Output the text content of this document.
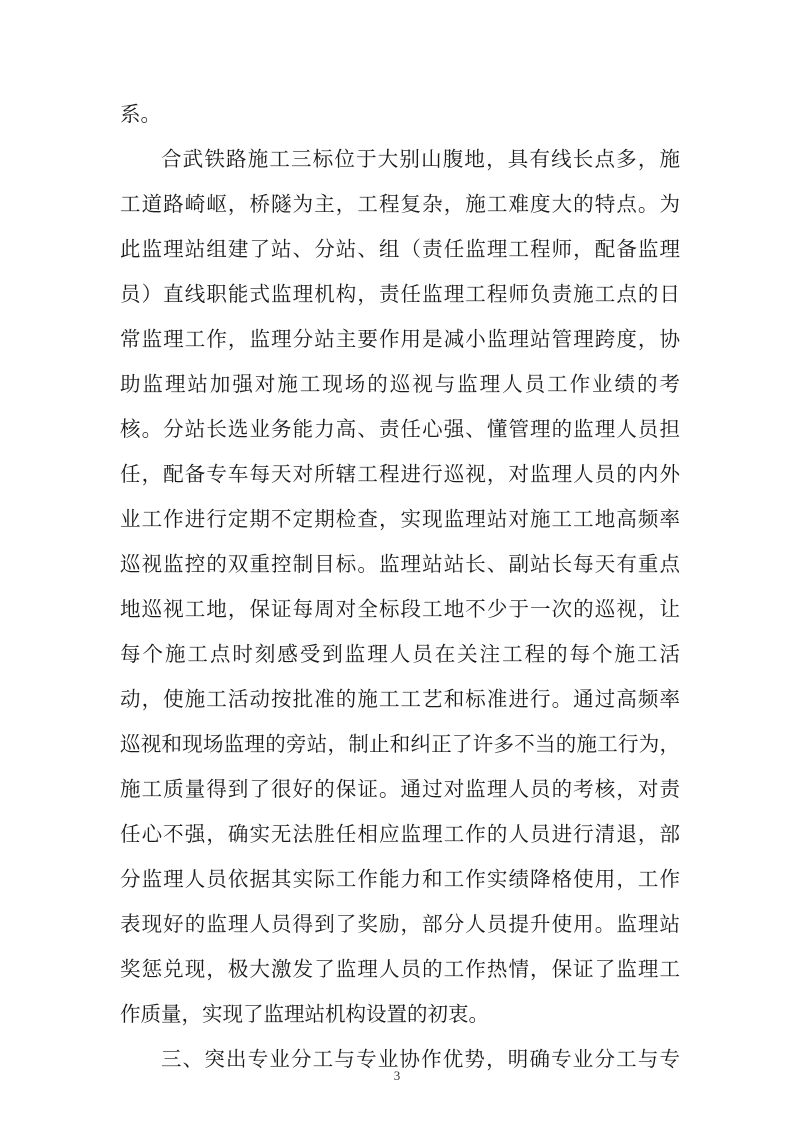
系。
合武铁路施工三标位于大别山腹地，具有线长点多，施
工道路崎岖，桥隧为主，工程复杂，施工难度大的特点。为
此监理站组建了站、分站、组（责任监理工程师，配备监理
员）直线职能式监理机构，责任监理工程师负责施工点的日
常监理工作，监理分站主要作用是减小监理站管理跨度，协
助监理站加强对施工现场的巡视与监理人员工作业绩的考
核。分站长选业务能力高、责任心强、懂管理的监理人员担
任，配备专车每天对所辖工程进行巡视，对监理人员的内外
业工作进行定期不定期检查，实现监理站对施工工地高频率
巡视监控的双重控制目标。监理站站长、副站长每天有重点
地巡视工地，保证每周对全标段工地不少于一次的巡视，让
每个施工点时刻感受到监理人员在关注工程的每个施工活
动，使施工活动按批准的施工工艺和标准进行。通过高频率
巡视和现场监理的旁站，制止和纠正了许多不当的施工行为，
施工质量得到了很好的保证。通过对监理人员的考核，对责
任心不强，确实无法胜任相应监理工作的人员进行清退，部
分监理人员依据其实际工作能力和工作实绩降格使用，工作
表现好的监理人员得到了奖励，部分人员提升使用。监理站
奖惩兑现，极大激发了监理人员的工作热情，保证了监理工
作质量，实现了监理站机构设置的初衷。
三、突出专业分工与专业协作优势，明确专业分工与专
3
